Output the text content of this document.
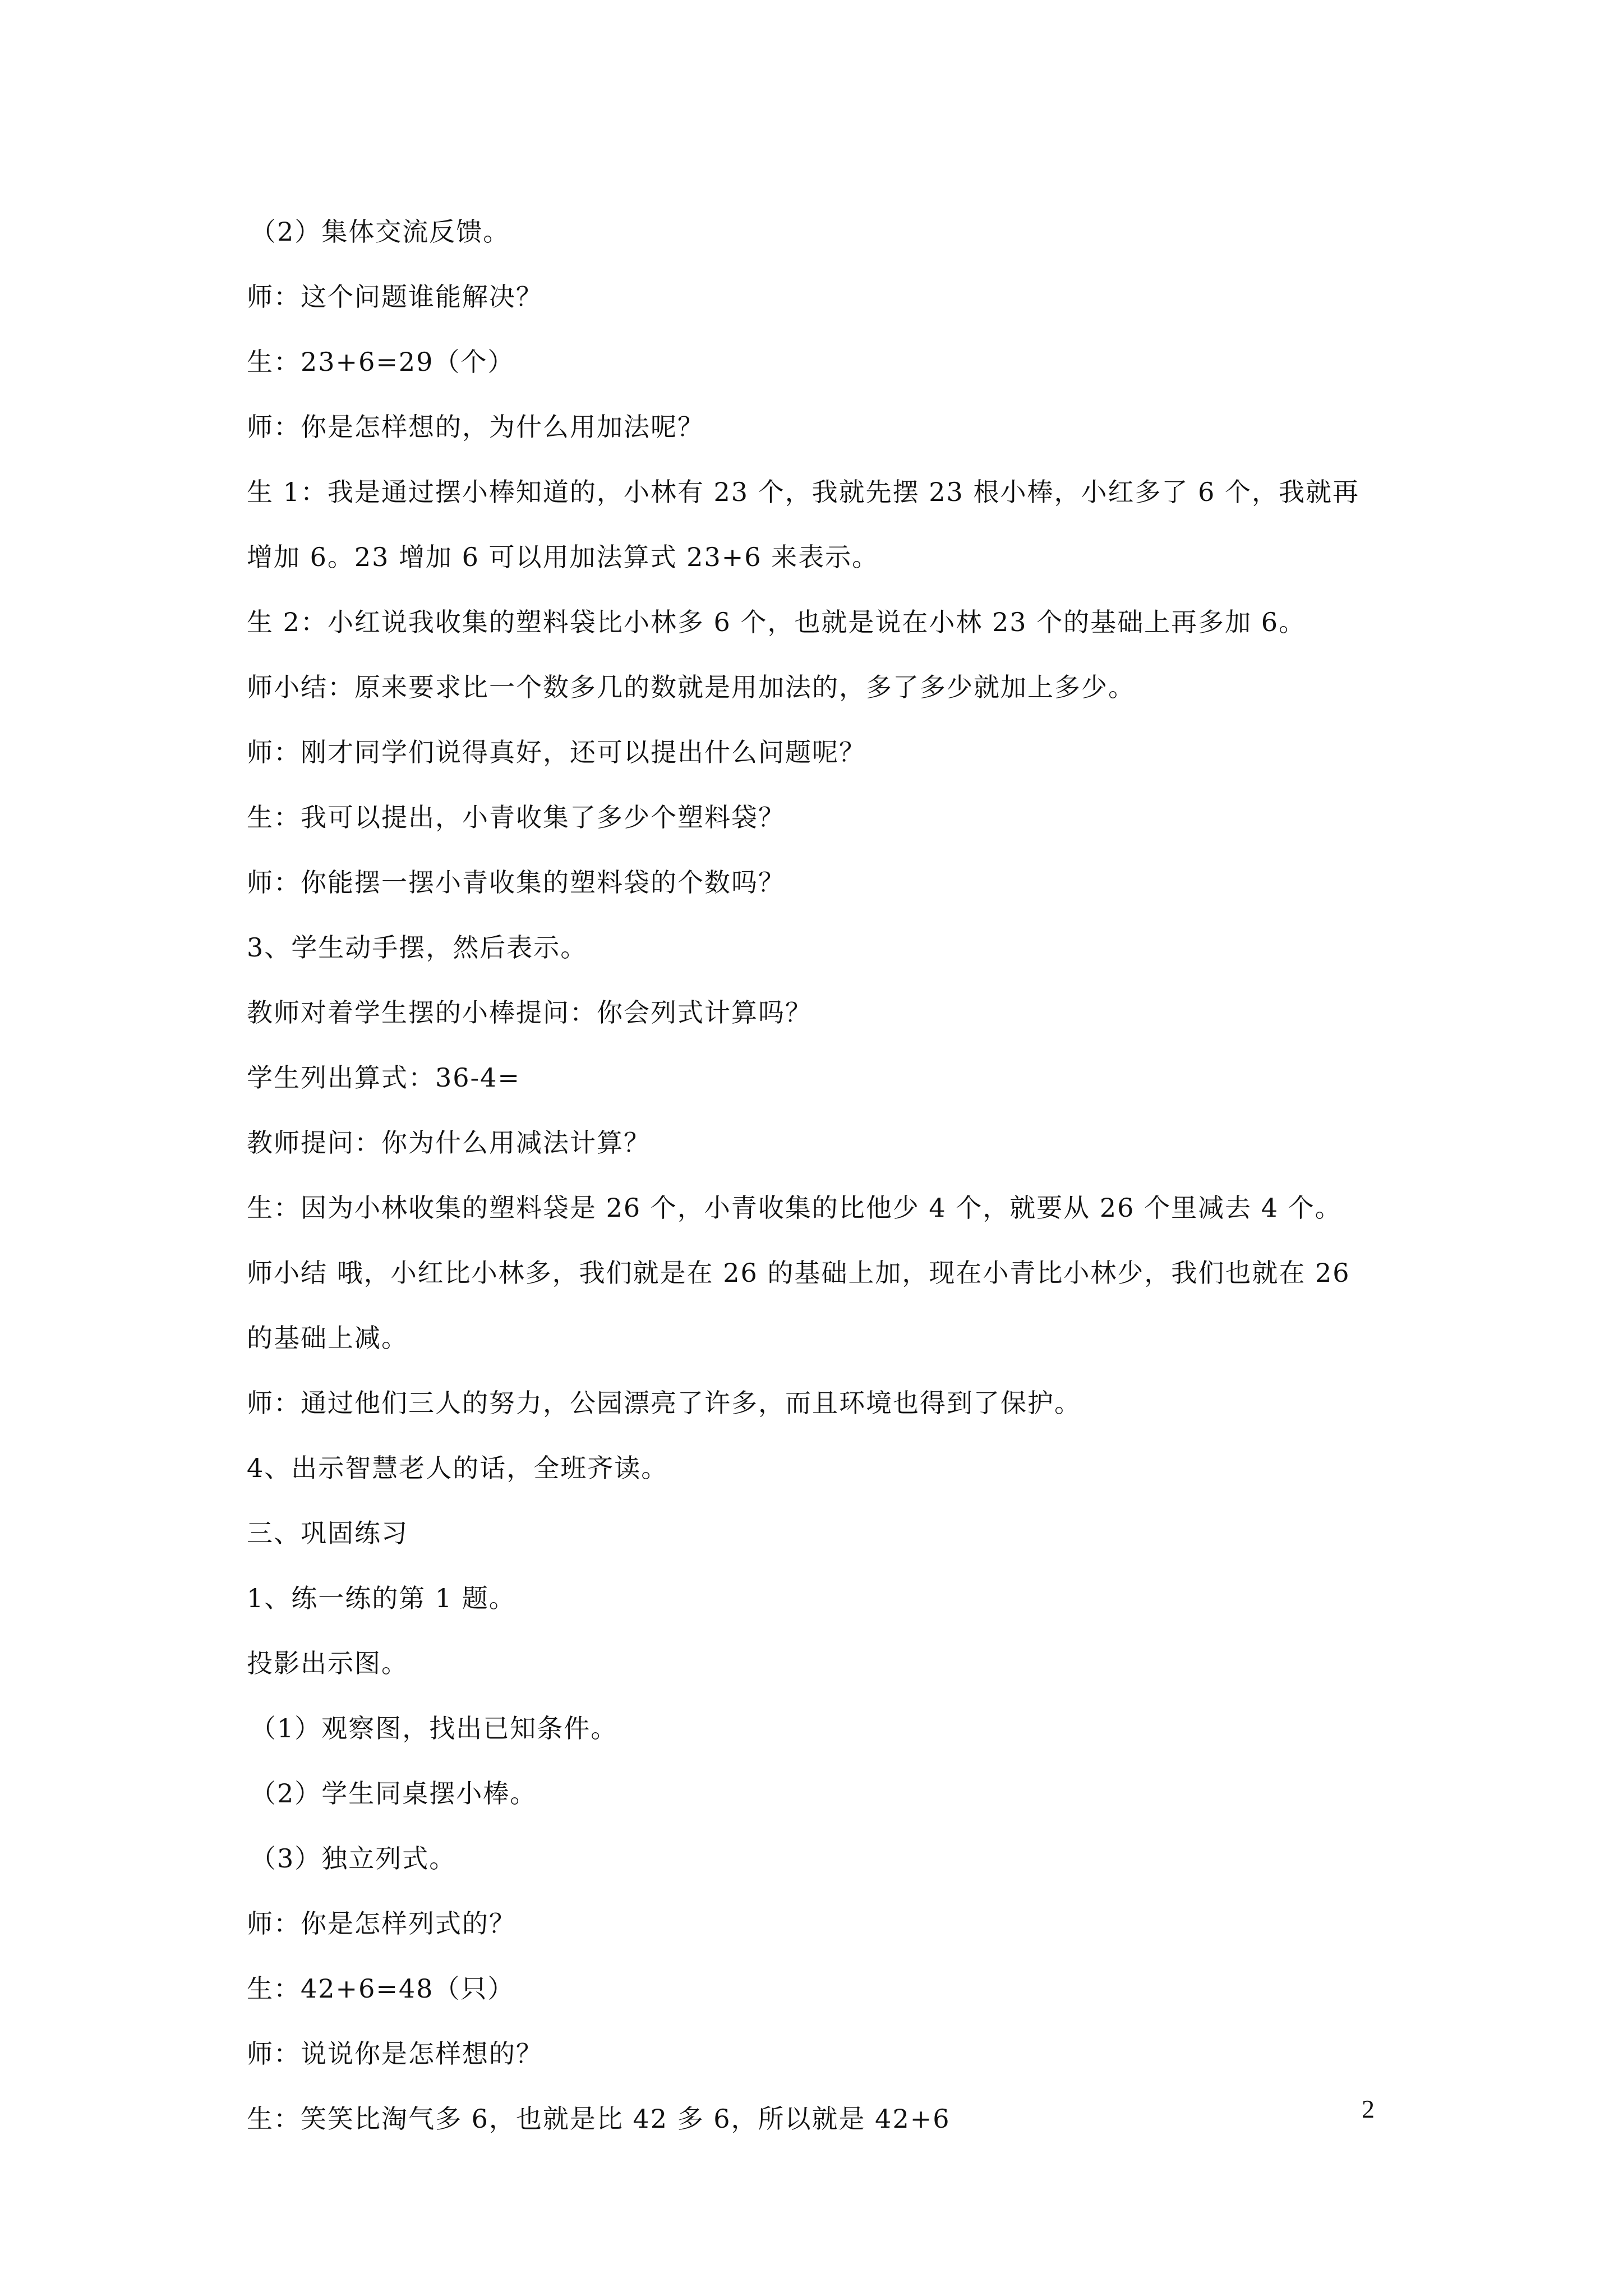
（2）集体交流反馈。
师：这个问题谁能解决？
生：23+6=29（个）
师：你是怎样想的，为什么用加法呢？
生 1：我是通过摆小棒知道的，小林有 23 个，我就先摆 23 根小棒，小红多了 6 个，我就再
增加 6。23 增加 6 可以用加法算式 23+6 来表示。
生 2：小红说我收集的塑料袋比小林多 6 个，也就是说在小林 23 个的基础上再多加 6。
师小结：原来要求比一个数多几的数就是用加法的，多了多少就加上多少。
师：刚才同学们说得真好，还可以提出什么问题呢？
生：我可以提出，小青收集了多少个塑料袋？
师：你能摆一摆小青收集的塑料袋的个数吗？
3、学生动手摆，然后表示。
教师对着学生摆的小棒提问：你会列式计算吗？
学生列出算式：36-4=
教师提问：你为什么用减法计算？
生：因为小林收集的塑料袋是 26 个，小青收集的比他少 4 个，就要从 26 个里减去 4 个。
师小结 哦，小红比小林多，我们就是在 26 的基础上加，现在小青比小林少，我们也就在 26
的基础上减。
师：通过他们三人的努力，公园漂亮了许多，而且环境也得到了保护。
4、出示智慧老人的话，全班齐读。
三、巩固练习
1、练一练的第 1 题。
投影出示图。
（1）观察图，找出已知条件。
（2）学生同桌摆小棒。
（3）独立列式。
师：你是怎样列式的？
生：42+6=48（只）
师：说说你是怎样想的？
生：笑笑比淘气多 6，也就是比 42 多 6，所以就是 42+6	2
